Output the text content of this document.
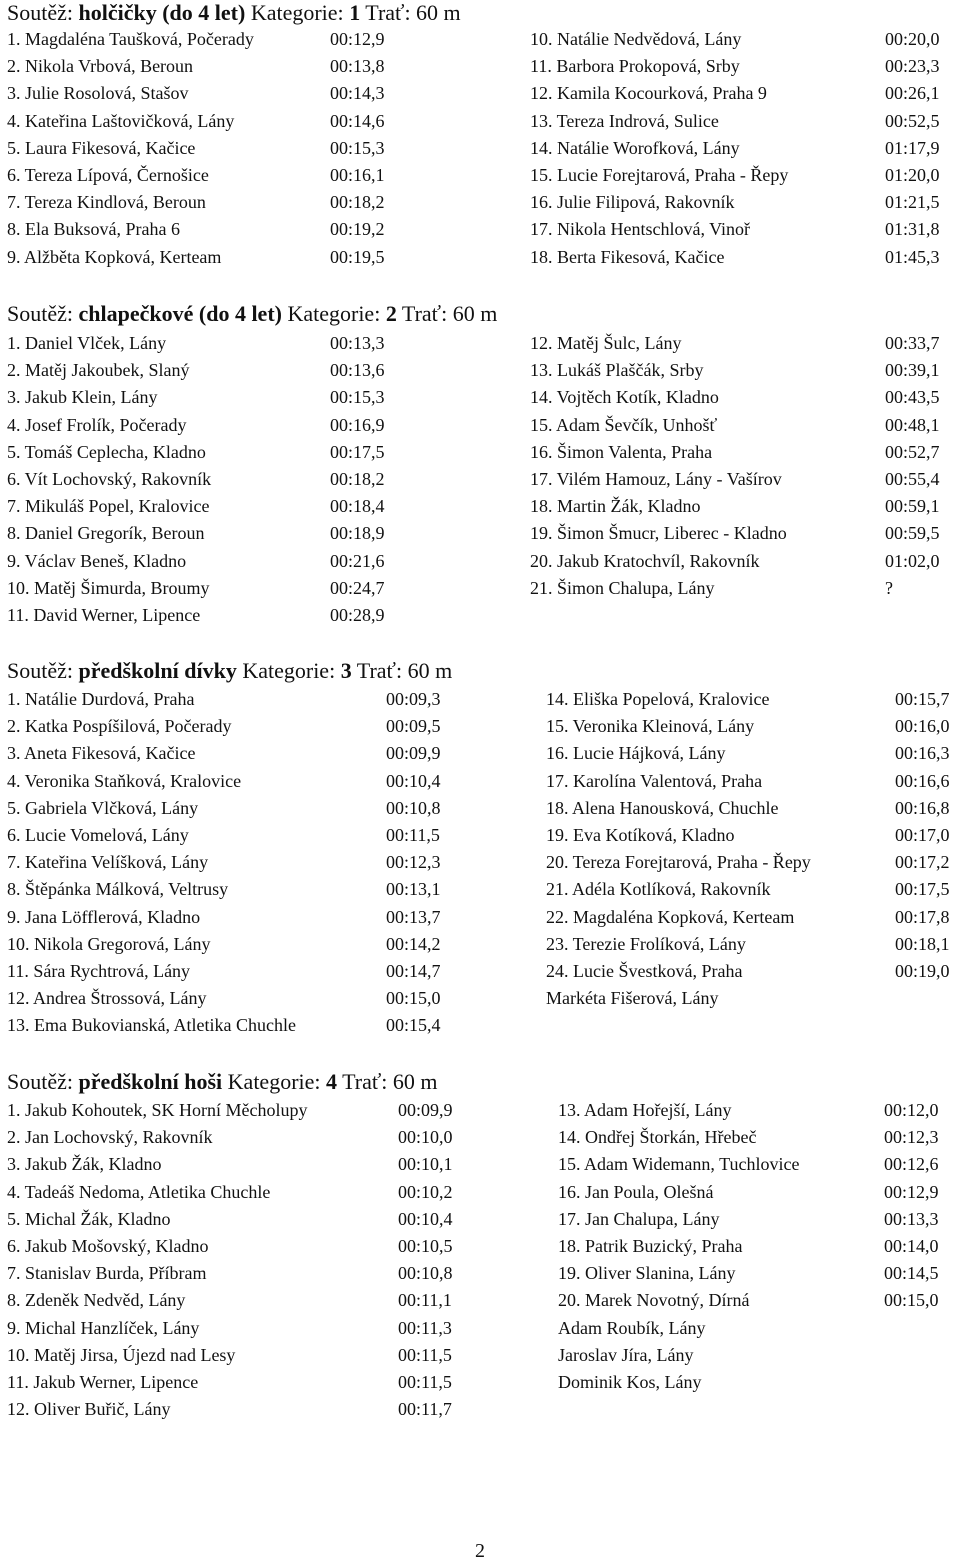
Soutěž: holčičky (do 4 let) Kategorie: 1 Trať: 60 m
1. Magdaléna Taušková, Počerady	00:12,9
2. Nikola Vrbová, Beroun	00:13,8
3. Julie Rosolová, Stašov	00:14,3
4. Kateřina Laštovičková, Lány	00:14,6
5. Laura Fikesová, Kačice	00:15,3
6. Tereza Lípová, Černošice	00:16,1
7. Tereza Kindlová, Beroun	00:18,2
8. Ela Buksová, Praha 6	00:19,2
9. Alžběta Kopková, Kerteam	00:19,5
10. Natálie Nedvědová, Lány	00:20,0
11. Barbora Prokopová, Srby	00:23,3
12. Kamila Kocourková, Praha 9	00:26,1
13. Tereza Indrová, Sulice	00:52,5
14. Natálie Worofková, Lány	01:17,9
15. Lucie Forejtarová, Praha - Řepy	01:20,0
16. Julie Filipová, Rakovník	01:21,5
17. Nikola Hentschlová, Vinoř	01:31,8
18. Berta Fikesová, Kačice	01:45,3
Soutěž: chlapečkové (do 4 let) Kategorie: 2 Trať: 60 m
1. Daniel Vlček, Lány	00:13,3
2. Matěj Jakoubek, Slaný	00:13,6
3. Jakub Klein, Lány	00:15,3
4. Josef Frolík, Počerady	00:16,9
5. Tomáš Ceplecha, Kladno	00:17,5
6. Vít Lochovský, Rakovník	00:18,2
7. Mikuláš Popel, Kralovice	00:18,4
8. Daniel Gregorík, Beroun	00:18,9
9. Václav Beneš, Kladno	00:21,6
10. Matěj Šimurda, Broumy	00:24,7
11. David Werner, Lipence	00:28,9
12. Matěj Šulc, Lány	00:33,7
13. Lukáš Plaščák, Srby	00:39,1
14. Vojtěch Kotík, Kladno	00:43,5
15. Adam Ševčík, Unhošť	00:48,1
16. Šimon Valenta, Praha	00:52,7
17. Vilém Hamouz, Lány - Vašírov	00:55,4
18. Martin Žák, Kladno	00:59,1
19. Šimon Šmucr, Liberec - Kladno	00:59,5
20. Jakub Kratochvíl, Rakovník	01:02,0
21. Šimon Chalupa, Lány	?
Soutěž: předškolní dívky Kategorie: 3 Trať: 60 m
1. Natálie Durdová, Praha	00:09,3
2. Katka Pospíšilová, Počerady	00:09,5
3. Aneta Fikesová, Kačice	00:09,9
4. Veronika Staňková, Kralovice	00:10,4
5. Gabriela Vlčková, Lány	00:10,8
6. Lucie Vomelová, Lány	00:11,5
7. Kateřina Velíšková, Lány	00:12,3
8. Štěpánka Málková, Veltrusy	00:13,1
9. Jana Löfflerová, Kladno	00:13,7
10. Nikola Gregorová, Lány	00:14,2
11. Sára Rychtrová, Lány	00:14,7
12. Andrea Štrossová, Lány	00:15,0
13. Ema Bukovianská, Atletika Chuchle	00:15,4
14. Eliška Popelová, Kralovice	00:15,7
15. Veronika Kleinová, Lány	00:16,0
16. Lucie Hájková, Lány	00:16,3
17. Karolína Valentová, Praha	00:16,6
18. Alena Hanousková, Chuchle	00:16,8
19. Eva Kotíková, Kladno	00:17,0
20. Tereza Forejtarová, Praha - Řepy	00:17,2
21. Adéla Kotlíková, Rakovník	00:17,5
22. Magdaléna Kopková, Kerteam	00:17,8
23. Terezie Frolíková, Lány	00:18,1
24. Lucie Švestková, Praha	00:19,0
Markéta Fišerová, Lány
Soutěž: předškolní hoši Kategorie: 4 Trať: 60 m
1. Jakub Kohoutek, SK Horní Měcholupy	00:09,9
2. Jan Lochovský, Rakovník	00:10,0
3. Jakub Žák, Kladno	00:10,1
4. Tadeáš Nedoma, Atletika Chuchle	00:10,2
5. Michal Žák, Kladno	00:10,4
6. Jakub Mošovský, Kladno	00:10,5
7. Stanislav Burda, Příbram	00:10,8
8. Zdeněk Nedvěd, Lány	00:11,1
9. Michal Hanzlíček, Lány	00:11,3
10. Matěj Jirsa, Újezd nad Lesy	00:11,5
11. Jakub Werner, Lipence	00:11,5
12. Oliver Buřič, Lány	00:11,7
13. Adam Hořejší, Lány	00:12,0
14. Ondřej Štorkán, Hřebeč	00:12,3
15. Adam Widemann, Tuchlovice	00:12,6
16. Jan Poula, Olešná	00:12,9
17. Jan Chalupa, Lány	00:13,3
18. Patrik Buzický, Praha	00:14,0
19. Oliver Slanina, Lány	00:14,5
20. Marek Novotný, Dírná	00:15,0
Adam Roubík, Lány
Jaroslav Jíra, Lány
Dominik Kos, Lány
2
